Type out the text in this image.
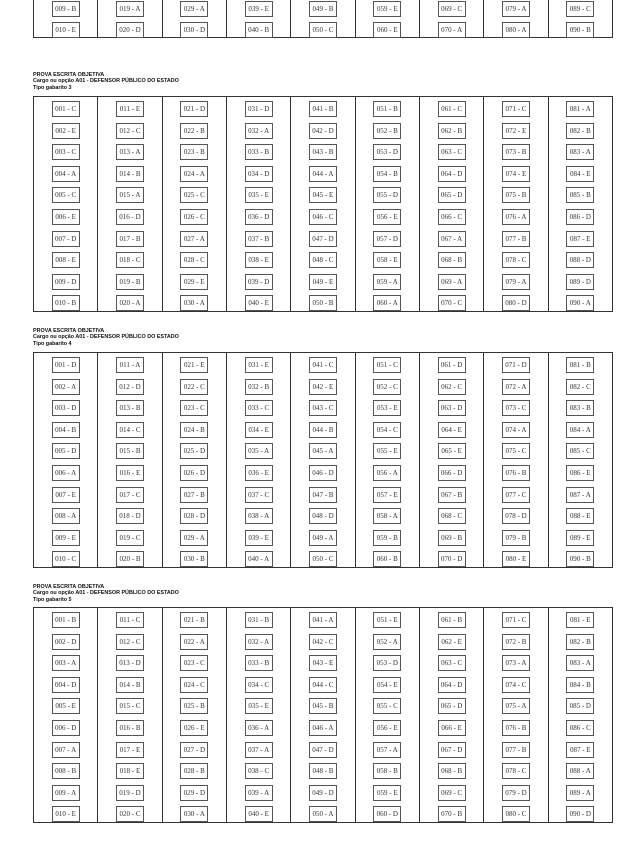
009 - B
010 - E
019 - A
020 - D
029 - A
030 - D
039 - E
040 - B
049 - B
050 - C
059 - E
060 - E
069 - C
070 - A
079 - A
080 - A
089 - C
090 - B
PROVA ESCRITA OBJETIVA
Cargo ou opção A01 - DEFENSOR PÚBLICO DO ESTADO
Tipo gabarito 3
PROVA ESCRITA OBJETIVA
Cargo ou opção A01 - DEFENSOR PÚBLICO DO ESTADO
Tipo gabarito 4
PROVA ESCRITA OBJETIVA
Cargo ou opção A01 - DEFENSOR PÚBLICO DO ESTADO
Tipo gabarito 5
001 - C
002 - E
003 - C
004 - A
005 - C
006 - E
007 - D
008 - E
009 - D
010 - B
011 - E
012 - C
013 - A
014 - B
015 - A
016 - D
017 - B
018 - C
019 - B
020 - A
021 - D
022 - B
023 - B
024 - A
025 - C
026 - C
027 - A
028 - C
029 - E
030 - A
031 - D
032 - A
033 - B
034 - D
035 - E
036 - D
037 - B
038 - E
039 - D
040 - E
041 - B
042 - D
043 - B
044 - A
045 - E
046 - C
047 - D
048 - C
049 - E
050 - B
051 - B
052 - B
053 - D
054 - B
055 - D
056 - E
057 - D
058 - E
059 - A
060 - A
061 - C
062 - B
063 - C
064 - D
065 - D
066 - C
067 - A
068 - B
069 - A
070 - C
071 - C
072 - E
073 - B
074 - E
075 - B
076 - A
077 - B
078 - C
079 - A
080 - D
081 - A
082 - B
083 - A
084 - E
085 - B
086 - D
087 - E
088 - D
089 - D
090 - A
001 - D
002 - A
003 - D
004 - B
005 - D
006 - A
007 - E
008 - A
009 - E
010 - C
011 - A
012 - D
013 - B
014 - C
015 - B
016 - E
017 - C
018 - D
019 - C
020 - B
021 - E
022 - C
023 - C
024 - B
025 - D
026 - D
027 - B
028 - D
029 - A
030 - B
031 - E
032 - B
033 - C
034 - E
035 - A
036 - E
037 - C
038 - A
039 - E
040 - A
041 - C
042 - E
043 - C
044 - B
045 - A
046 - D
047 - B
048 - D
049 - A
050 - C
051 - C
052 - C
053 - E
054 - C
055 - E
056 - A
057 - E
058 - A
059 - B
060 - B
061 - D
062 - C
063 - D
064 - E
065 - E
066 - D
067 - B
068 - C
069 - B
070 - D
071 - D
072 - A
073 - C
074 - A
075 - C
076 - B
077 - C
078 - D
079 - B
080 - E
081 - B
082 - C
083 - B
084 - A
085 - C
086 - E
087 - A
088 - E
089 - E
090 - B
001 - B
002 - D
003 - A
004 - D
005 - E
006 - D
007 - A
008 - B
009 - A
010 - E
011 - C
012 - C
013 - D
014 - B
015 - C
016 - B
017 - E
018 - E
019 - D
020 - C
021 - B
022 - A
023 - C
024 - C
025 - B
026 - E
027 - D
028 - B
029 - D
030 - A
031 - B
032 - A
033 - B
034 - C
035 - E
036 - A
037 - A
038 - C
039 - A
040 - E
041 - A
042 - C
043 - E
044 - C
045 - B
046 - A
047 - D
048 - B
049 - D
050 - A
051 - E
052 - A
053 - D
054 - E
055 - C
056 - E
057 - A
058 - B
059 - E
060 - D
061 - B
062 - E
063 - C
064 - D
065 - D
066 - E
067 - D
068 - B
069 - C
070 - B
071 - C
072 - B
073 - A
074 - C
075 - A
076 - B
077 - B
078 - C
079 - D
080 - C
081 - E
082 - B
083 - A
084 - B
085 - D
086 - C
087 - E
088 - A
089 - A
090 - D
